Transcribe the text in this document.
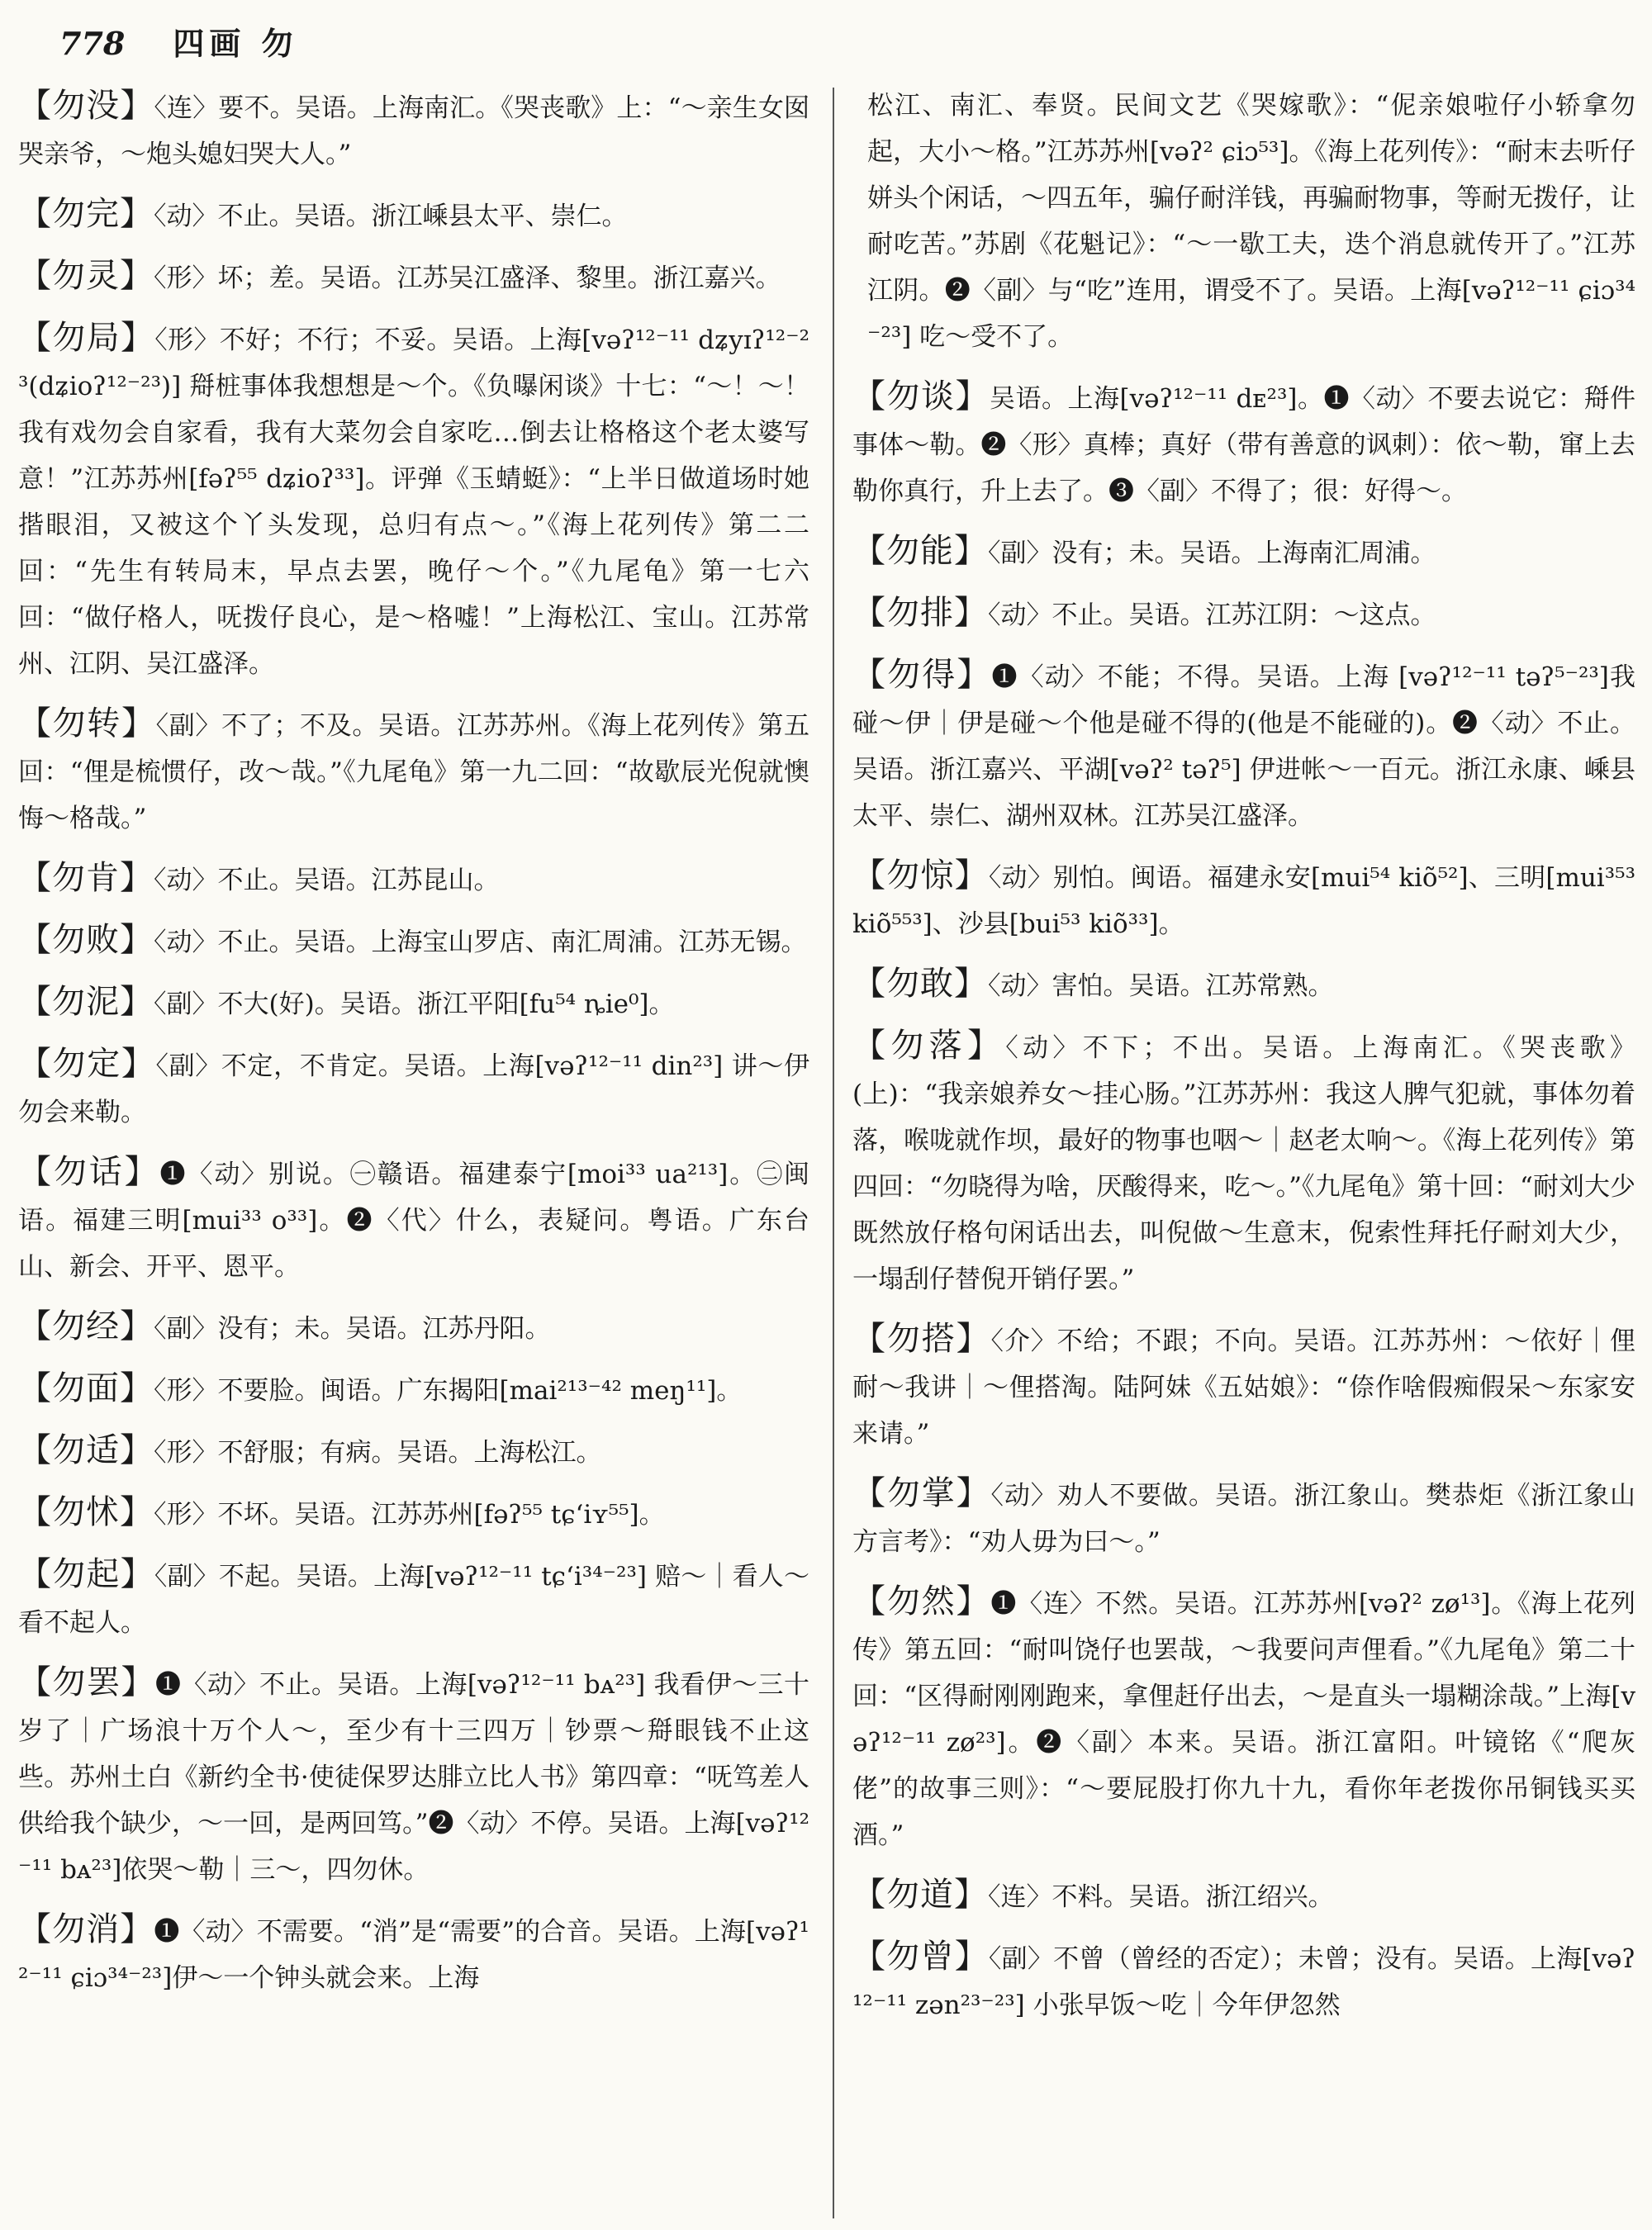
778 四画 勿

【勿没】〈连〉要不。吴语。上海南汇。《哭丧歌》上：“～亲生女囡哭亲爷，～炮头媳妇哭大人。”

【勿完】〈动〉不止。吴语。浙江嵊县太平、崇仁。

【勿灵】〈形〉坏；差。吴语。江苏吴江盛泽、黎里。浙江嘉兴。

【勿局】〈形〉不好；不行；不妥。吴语。上海[vəʔ¹²⁻¹¹ dʑyɪʔ¹²⁻²³(dʑioʔ¹²⁻²³)] 搿桩事体我想想是～个。《负曝闲谈》十七：“～！～！我有戏勿会自家看，我有大菜勿会自家吃…倒去让格格这个老太婆写意！”江苏苏州[fəʔ⁵⁵ dʑioʔ³³]。评弹《玉蜻蜓》：“上半日做道场时她揩眼泪，又被这个丫头发现，总归有点～。”《海上花列传》第二二回：“先生有转局末，早点去罢，晚仔～个。”《九尾龟》第一七六回：“做仔格人，呒拨仔良心，是～格嘘！”上海松江、宝山。江苏常州、江阴、吴江盛泽。

【勿转】〈副〉不了；不及。吴语。江苏苏州。《海上花列传》第五回：“俚是梳惯仔，改～哉。”《九尾龟》第一九二回：“故歇辰光倪就懊悔～格哉。”

【勿肯】〈动〉不止。吴语。江苏昆山。

【勿败】〈动〉不止。吴语。上海宝山罗店、南汇周浦。江苏无锡。

【勿泥】〈副〉不大(好)。吴语。浙江平阳[fu⁵⁴ ȵie⁰]。

【勿定】〈副〉不定，不肯定。吴语。上海[vəʔ¹²⁻¹¹ din²³] 讲～伊勿会来勒。

【勿话】❶〈动〉别说。㊀赣语。福建泰宁[moi³³ ua²¹³]。㊁闽语。福建三明[mui³³ o³³]。❷〈代〉什么，表疑问。粤语。广东台山、新会、开平、恩平。

【勿经】〈副〉没有；未。吴语。江苏丹阳。

【勿面】〈形〉不要脸。闽语。广东揭阳[mai²¹³⁻⁴² meŋ¹¹]。

【勿适】〈形〉不舒服；有病。吴语。上海松江。

【勿怵】〈形〉不坏。吴语。江苏苏州[fəʔ⁵⁵ tɕʻiʏ⁵⁵]。

【勿起】〈副〉不起。吴语。上海[vəʔ¹²⁻¹¹ tɕʻi³⁴⁻²³] 赔～｜看人～看不起人。

【勿罢】❶〈动〉不止。吴语。上海[vəʔ¹²⁻¹¹ bᴀ²³] 我看伊～三十岁了｜广场浪十万个人～，至少有十三四万｜钞票～搿眼钱不止这些。苏州土白《新约全书·使徒保罗达腓立比人书》第四章：“呒笃差人供给我个缺少，～一回，是两回笃。”❷〈动〉不停。吴语。上海[vəʔ¹²⁻¹¹ bᴀ²³]依哭～勒｜三～，四勿休。

【勿消】❶〈动〉不需要。“消”是“需要”的合音。吴语。上海[vəʔ¹²⁻¹¹ ɕiɔ³⁴⁻²³]伊～一个钟头就会来。上海

松江、南汇、奉贤。民间文艺《哭嫁歌》：“伲亲娘啦仔小轿拿勿起，大小～格。”江苏苏州[vəʔ² ɕiɔ⁵³]。《海上花列传》：“耐末去听仔姘头个闲话，～四五年，骗仔耐洋钱，再骗耐物事，等耐无拨仔，让耐吃苦。”苏剧《花魁记》：“～一歇工夫，迭个消息就传开了。”江苏江阴。❷〈副〉与“吃”连用，谓受不了。吴语。上海[vəʔ¹²⁻¹¹ ɕiɔ³⁴⁻²³] 吃～受不了。

【勿谈】吴语。上海[vəʔ¹²⁻¹¹ dᴇ²³]。❶〈动〉不要去说它：搿件事体～勒。❷〈形〉真棒；真好（带有善意的讽刺）：依～勒，窜上去勒你真行，升上去了。❸〈副〉不得了；很：好得～。

【勿能】〈副〉没有；未。吴语。上海南汇周浦。

【勿排】〈动〉不止。吴语。江苏江阴：～这点。

【勿得】❶〈动〉不能；不得。吴语。上海 [vəʔ¹²⁻¹¹ təʔ⁵⁻²³]我碰～伊｜伊是碰～个他是碰不得的(他是不能碰的)。❷〈动〉不止。吴语。浙江嘉兴、平湖[vəʔ² təʔ⁵] 伊进帐～一百元。浙江永康、嵊县太平、崇仁、湖州双林。江苏吴江盛泽。

【勿惊】〈动〉别怕。闽语。福建永安[mui⁵⁴ kiõ⁵²]、三明[mui³⁵³ kiõ⁵⁵³]、沙县[bui⁵³ kiõ³³]。

【勿敢】〈动〉害怕。吴语。江苏常熟。

【勿落】〈动〉不下；不出。吴语。上海南汇。《哭丧歌》(上)：“我亲娘养女～挂心肠。”江苏苏州：我这人脾气犯就，事体勿着落，喉咙就作坝，最好的物事也咽～｜赵老太响～。《海上花列传》第四回：“勿晓得为啥，厌酸得来，吃～。”《九尾龟》第十回：“耐刘大少既然放仔格句闲话出去，叫倪做～生意末，倪索性拜托仔耐刘大少，一塌刮仔替倪开销仔罢。”

【勿搭】〈介〉不给；不跟；不向。吴语。江苏苏州：～依好｜俚耐～我讲｜～俚搭淘。陆阿妹《五姑娘》：“倷作啥假痴假呆～东家安来请。”

【勿掌】〈动〉劝人不要做。吴语。浙江象山。樊恭炬《浙江象山方言考》：“劝人毋为曰～。”

【勿然】❶〈连〉不然。吴语。江苏苏州[vəʔ² zø¹³]。《海上花列传》第五回：“耐叫饶仔也罢哉，～我要问声俚看。”《九尾龟》第二十回：“区得耐刚刚跑来，拿俚赶仔出去，～是直头一塌糊涂哉。”上海[vəʔ¹²⁻¹¹ zø²³]。❷〈副〉本来。吴语。浙江富阳。叶镜铭《“爬灰佬”的故事三则》：“～要屁股打你九十九，看你年老拨你吊铜钱买买酒。”

【勿道】〈连〉不料。吴语。浙江绍兴。

【勿曾】〈副〉不曾（曾经的否定）；未曾；没有。吴语。上海[vəʔ¹²⁻¹¹ zən²³⁻²³] 小张早饭～吃｜今年伊忽然
